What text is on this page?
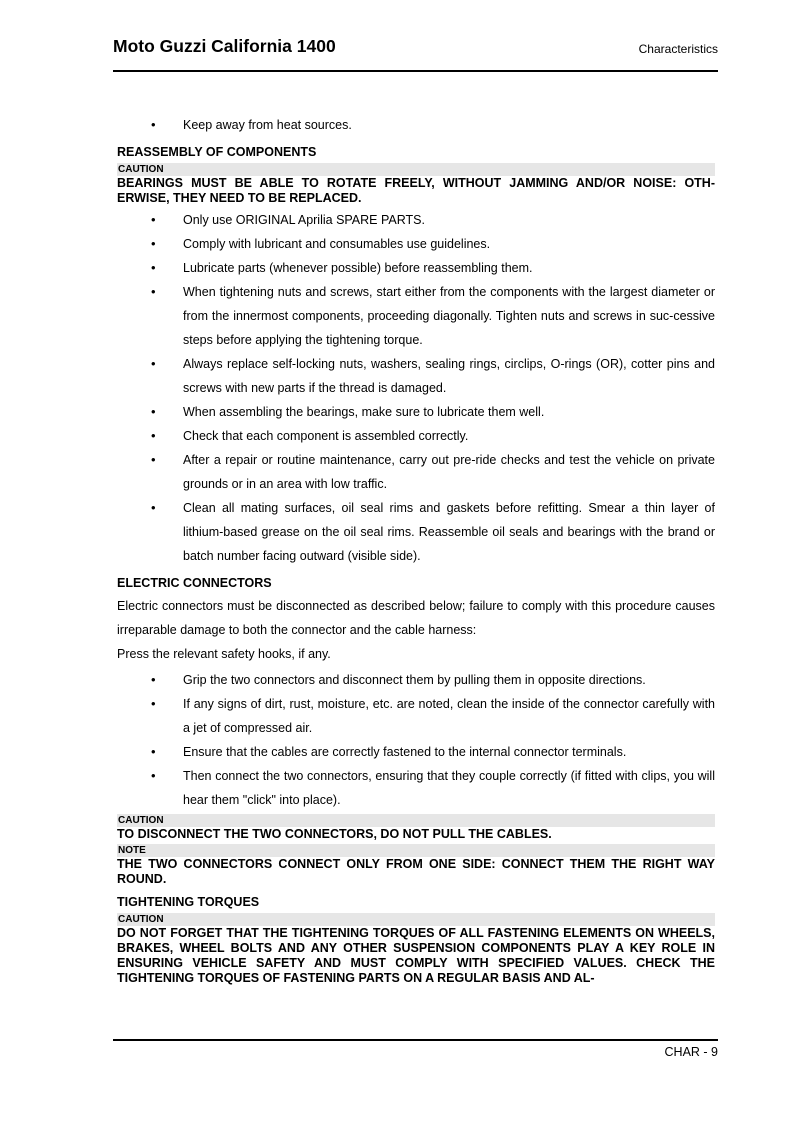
Moto Guzzi California 1400	Characteristics
• Keep away from heat sources.
REASSEMBLY OF COMPONENTS
CAUTION
BEARINGS MUST BE ABLE TO ROTATE FREELY, WITHOUT JAMMING AND/OR NOISE: OTH-ERWISE, THEY NEED TO BE REPLACED.
• Only use ORIGINAL Aprilia SPARE PARTS.
• Comply with lubricant and consumables use guidelines.
• Lubricate parts (whenever possible) before reassembling them.
• When tightening nuts and screws, start either from the components with the largest diameter or from the innermost components, proceeding diagonally. Tighten nuts and screws in suc-cessive steps before applying the tightening torque.
• Always replace self-locking nuts, washers, sealing rings, circlips, O-rings (OR), cotter pins and screws with new parts if the thread is damaged.
• When assembling the bearings, make sure to lubricate them well.
• Check that each component is assembled correctly.
• After a repair or routine maintenance, carry out pre-ride checks and test the vehicle on private grounds or in an area with low traffic.
• Clean all mating surfaces, oil seal rims and gaskets before refitting. Smear a thin layer of lithium-based grease on the oil seal rims. Reassemble oil seals and bearings with the brand or batch number facing outward (visible side).
ELECTRIC CONNECTORS
Electric connectors must be disconnected as described below; failure to comply with this procedure causes irreparable damage to both the connector and the cable harness:
Press the relevant safety hooks, if any.
• Grip the two connectors and disconnect them by pulling them in opposite directions.
• If any signs of dirt, rust, moisture, etc. are noted, clean the inside of the connector carefully with a jet of compressed air.
• Ensure that the cables are correctly fastened to the internal connector terminals.
• Then connect the two connectors, ensuring that they couple correctly (if fitted with clips, you will hear them "click" into place).
CAUTION
TO DISCONNECT THE TWO CONNECTORS, DO NOT PULL THE CABLES.
NOTE
THE TWO CONNECTORS CONNECT ONLY FROM ONE SIDE: CONNECT THEM THE RIGHT WAY ROUND.
TIGHTENING TORQUES
CAUTION
DO NOT FORGET THAT THE TIGHTENING TORQUES OF ALL FASTENING ELEMENTS ON WHEELS, BRAKES, WHEEL BOLTS AND ANY OTHER SUSPENSION COMPONENTS PLAY A KEY ROLE IN ENSURING VEHICLE SAFETY AND MUST COMPLY WITH SPECIFIED VALUES. CHECK THE TIGHTENING TORQUES OF FASTENING PARTS ON A REGULAR BASIS AND AL-
CHAR - 9
